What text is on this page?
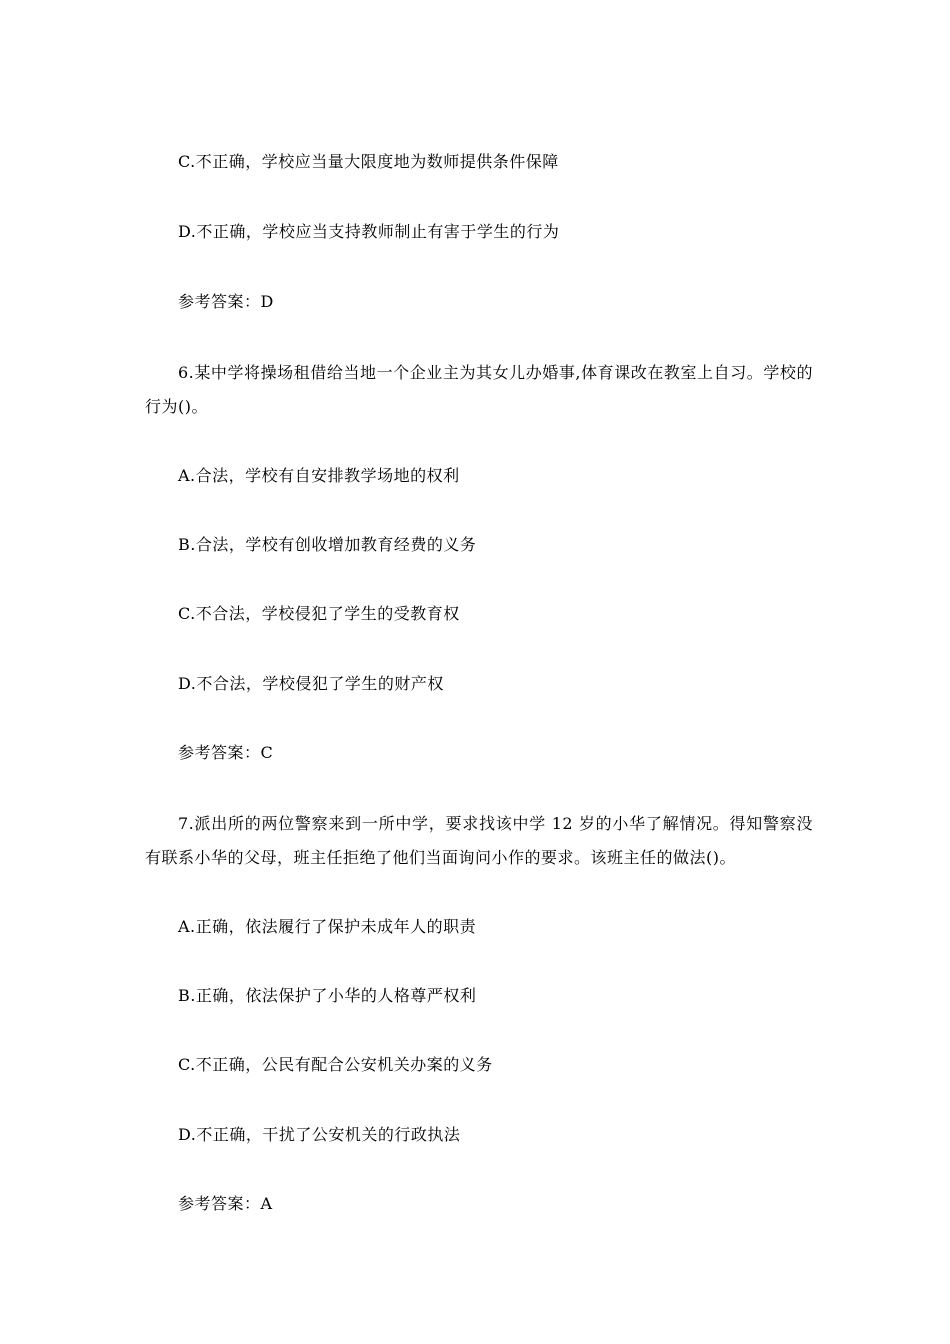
C.不正确，学校应当量大限度地为数师提供条件保障
D.不正确，学校应当支持教师制止有害于学生的行为
参考答案：D
6.某中学将操场租借给当地一个企业主为其女儿办婚事,体育课改在教室上自习。学校的行为()。
A.合法，学校有自安排教学场地的权利
B.合法，学校有创收增加教育经费的义务
C.不合法，学校侵犯了学生的受教育权
D.不合法，学校侵犯了学生的财产权
参考答案：C
7.派出所的两位警察来到一所中学，要求找该中学 12 岁的小华了解情况。得知警察没有联系小华的父母，班主任拒绝了他们当面询问小作的要求。该班主任的做法()。
A.正确，依法履行了保护未成年人的职责
B.正确，依法保护了小华的人格尊严权利
C.不正确，公民有配合公安机关办案的义务
D.不正确，干扰了公安机关的行政执法
参考答案：A
